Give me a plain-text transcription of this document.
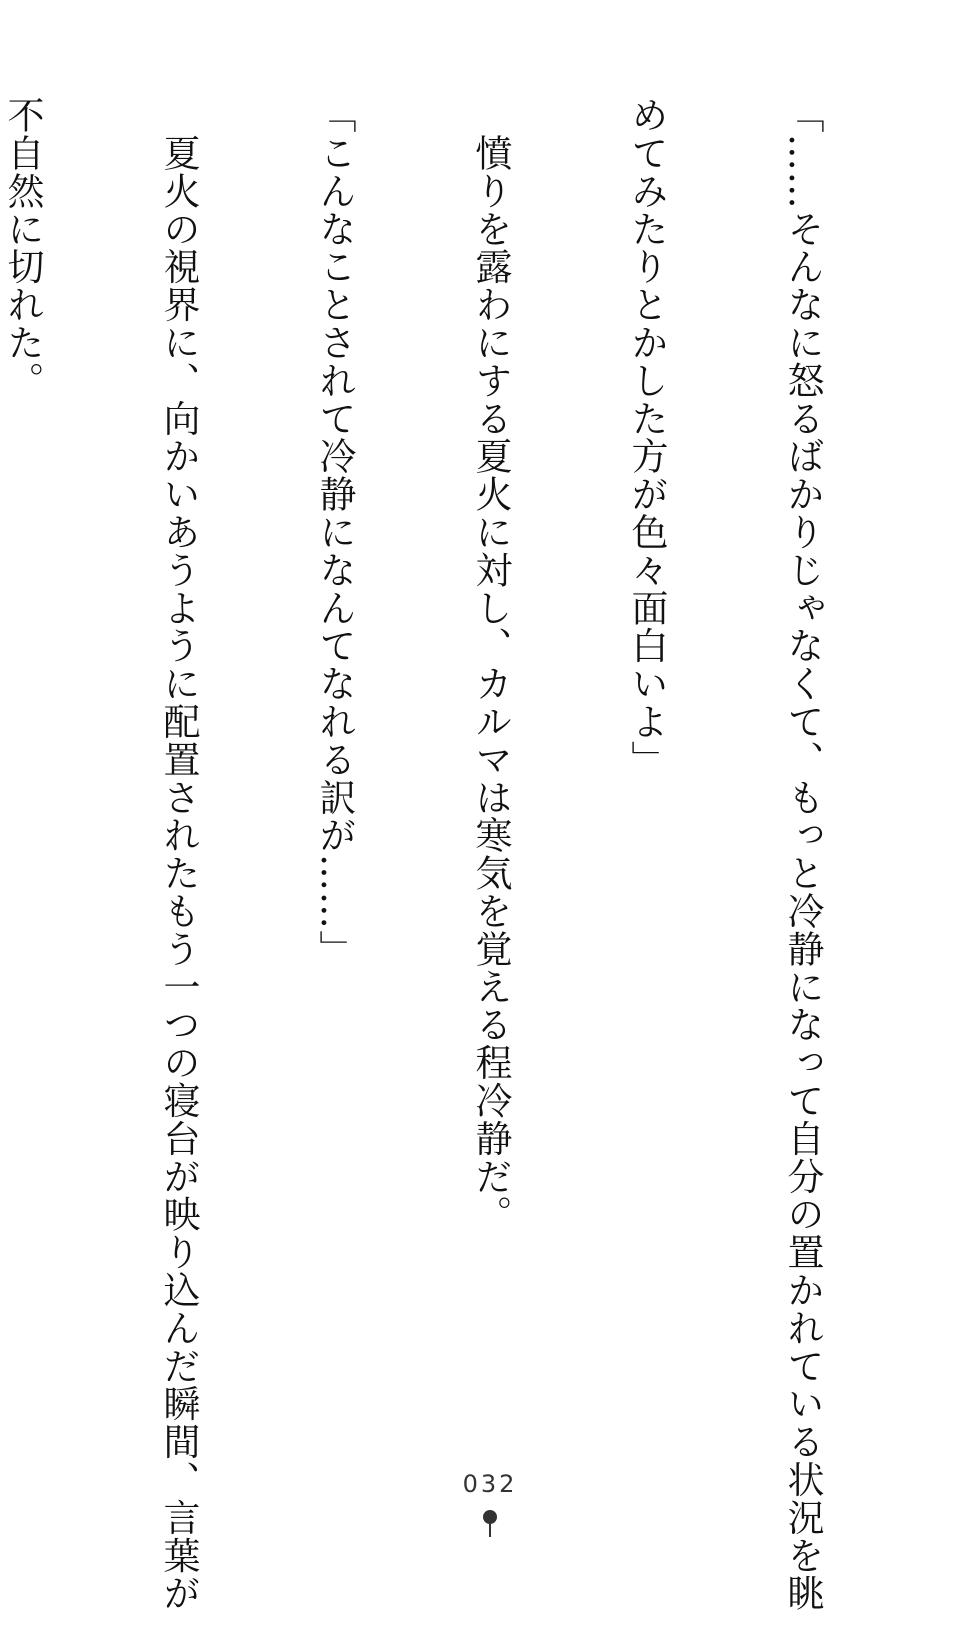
「……そんなに怒るばかりじゃなくて、もっと冷静になって自分の置かれている状況を眺

めてみたりとかした方が色々面白いよ」

　憤りを露わにする夏火に対し、カルマは寒気を覚える程冷静だ。

「こんなことされて冷静になんてなれる訳が……」

　夏火の視界に、向かいあうように配置されたもう一つの寝台が映り込んだ瞬間、言葉が

不自然に切れた。

032
